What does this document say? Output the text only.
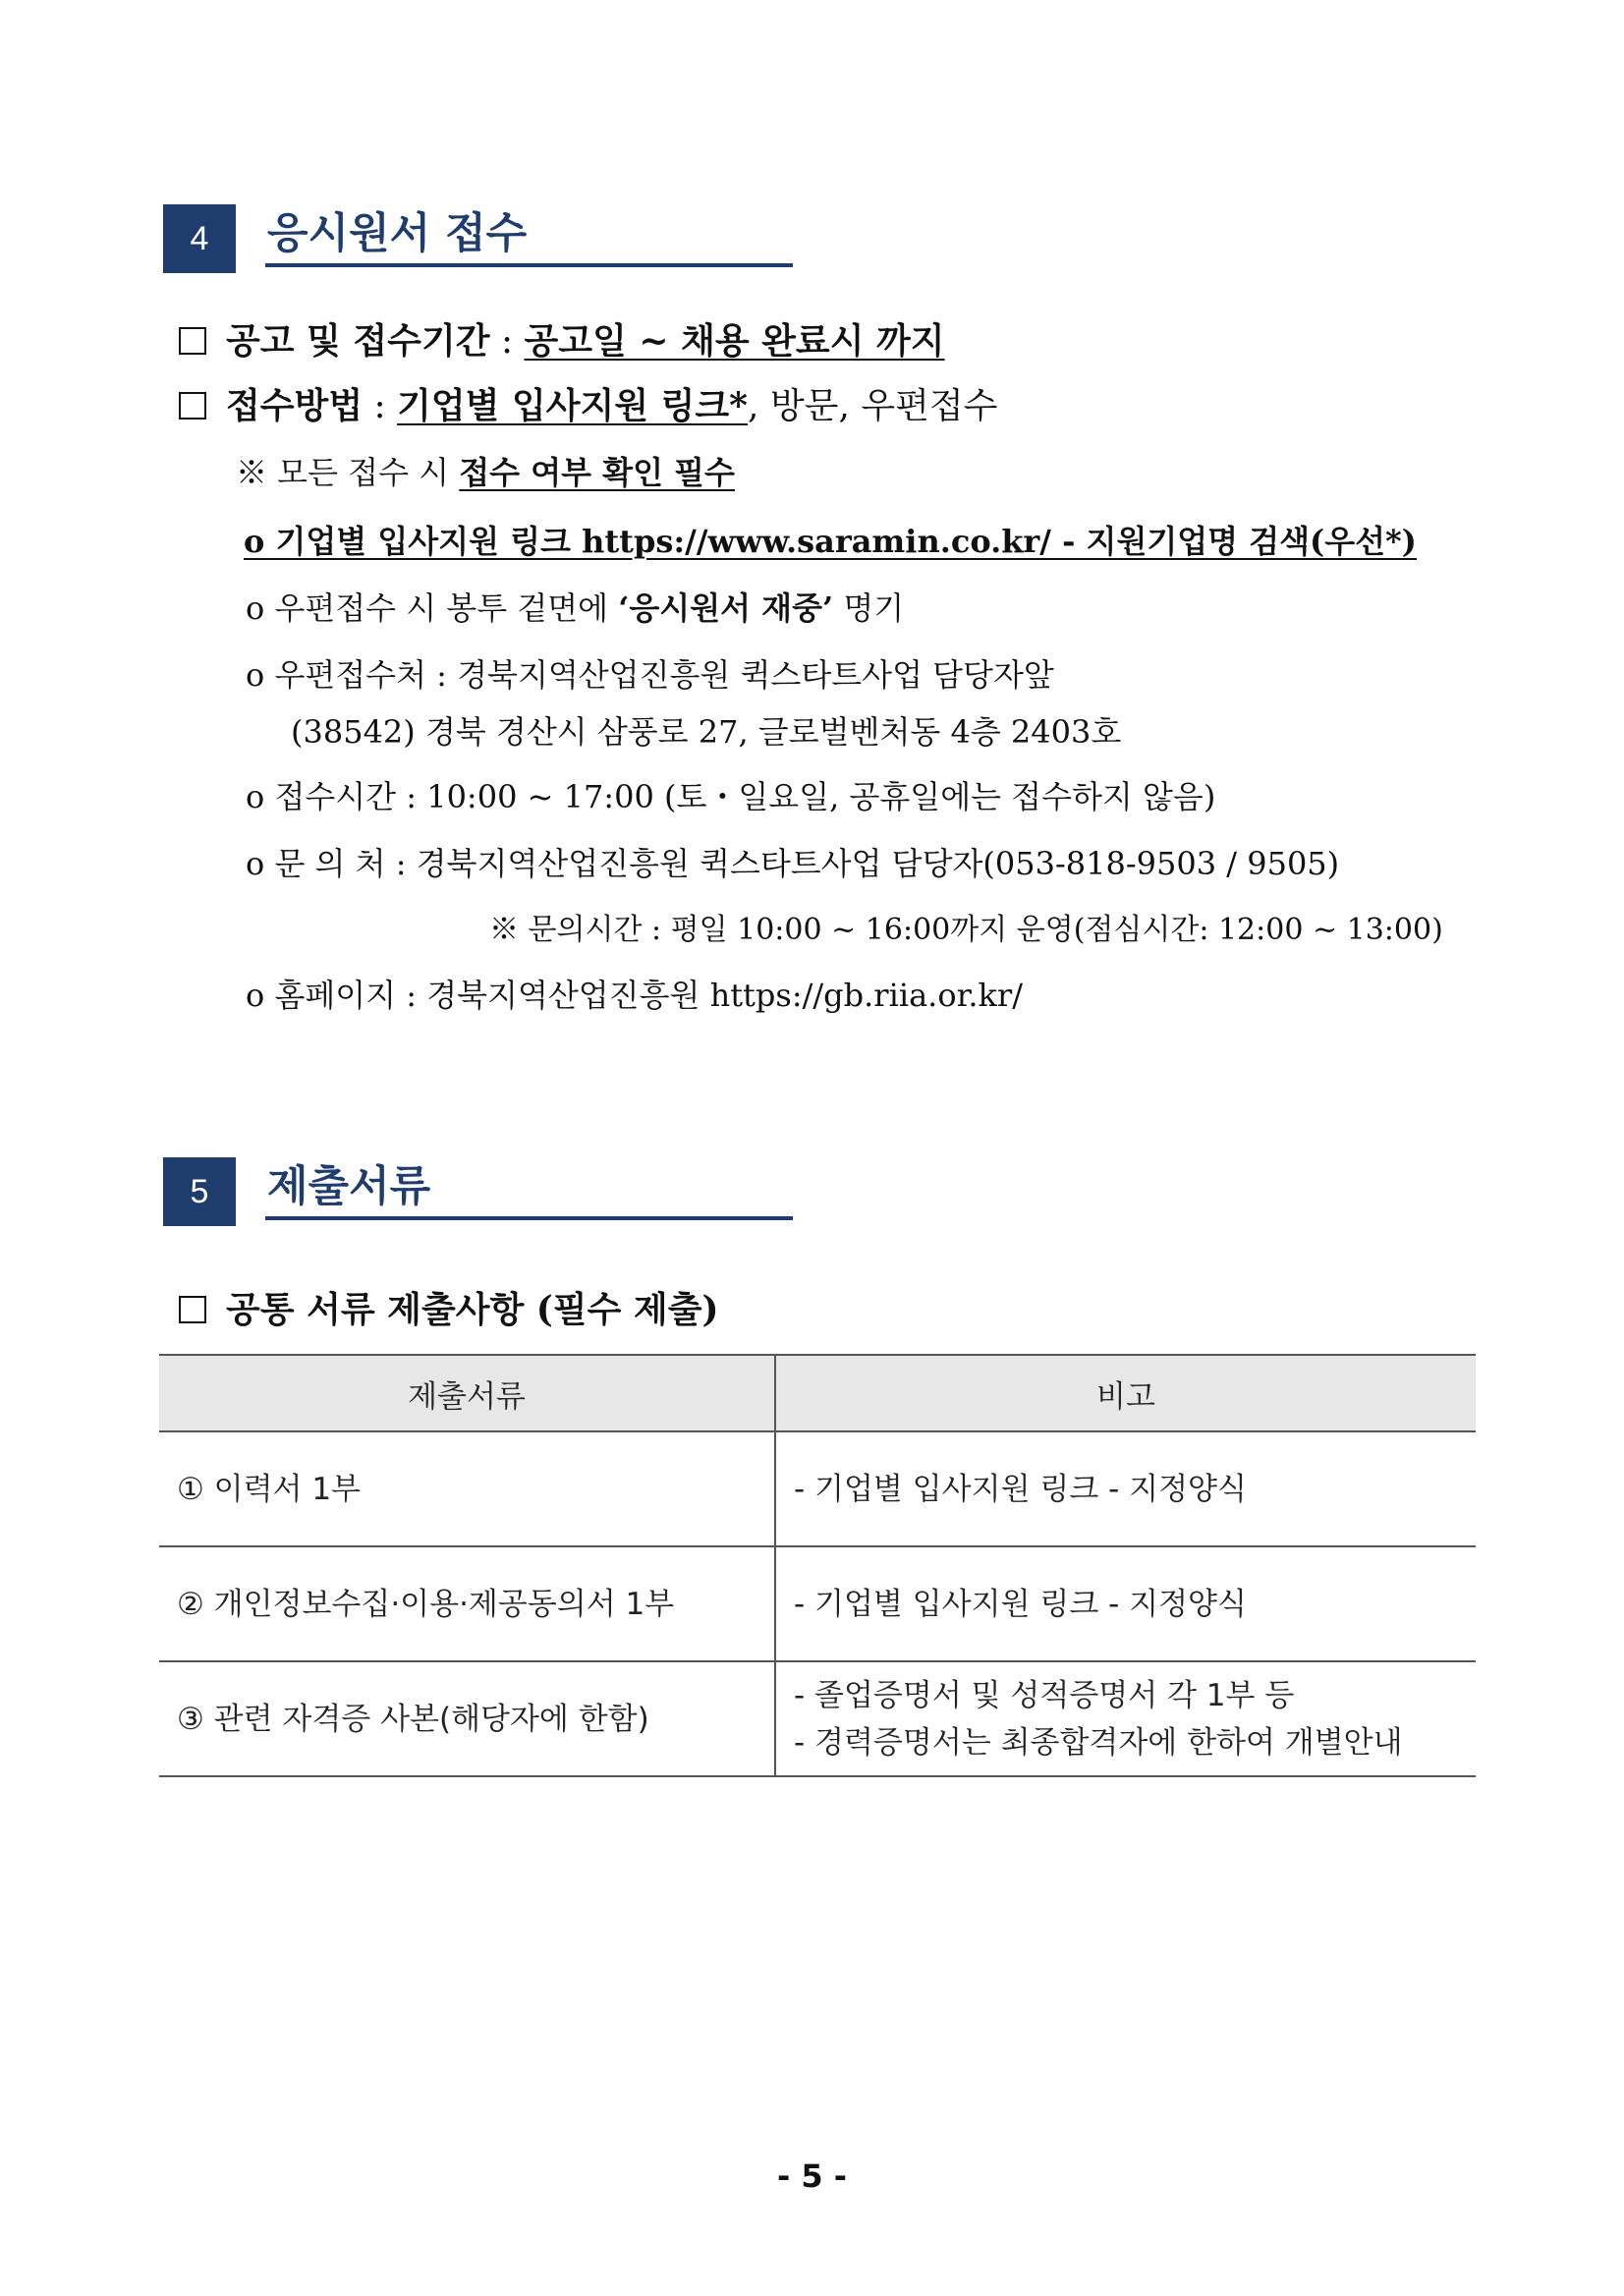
4	응시원서 접수
공고 및 접수기간 : 공고일 ~ 채용 완료시 까지
접수방법 : 기업별 입사지원 링크*, 방문, 우편접수
※ 모든 접수 시 접수 여부 확인 필수
o 기업별 입사지원 링크 https://www.saramin.co.kr/ - 지원기업명 검색(우선*)
o 우편접수 시 봉투 겉면에 ‘응시원서 재중’ 명기
o 우편접수처 : 경북지역산업진흥원 퀵스타트사업 담당자앞
(38542) 경북 경산시 삼풍로 27, 글로벌벤처동 4층 2403호
o 접수시간 : 10:00 ~ 17:00 (토・일요일, 공휴일에는 접수하지 않음)
o 문 의 처 : 경북지역산업진흥원 퀵스타트사업 담당자(053-818-9503 / 9505)
※ 문의시간 : 평일 10:00 ~ 16:00까지 운영(점심시간: 12:00 ~ 13:00)
o 홈페이지 : 경북지역산업진흥원 https://gb.riia.or.kr/
5	제출서류
공통 서류 제출사항 (필수 제출)
제출서류	비고
① 이력서 1부	- 기업별 입사지원 링크 - 지정양식

② 개인정보수집·이용·제공동의서 1부	- 기업별 입사지원 링크 - 지정양식

③ 관련 자격증 사본(해당자에 한함)	- 졸업증명서 및 성적증명서 각 1부 등
- 경력증명서는 최종합격자에 한하여 개별안내
- 5 -
